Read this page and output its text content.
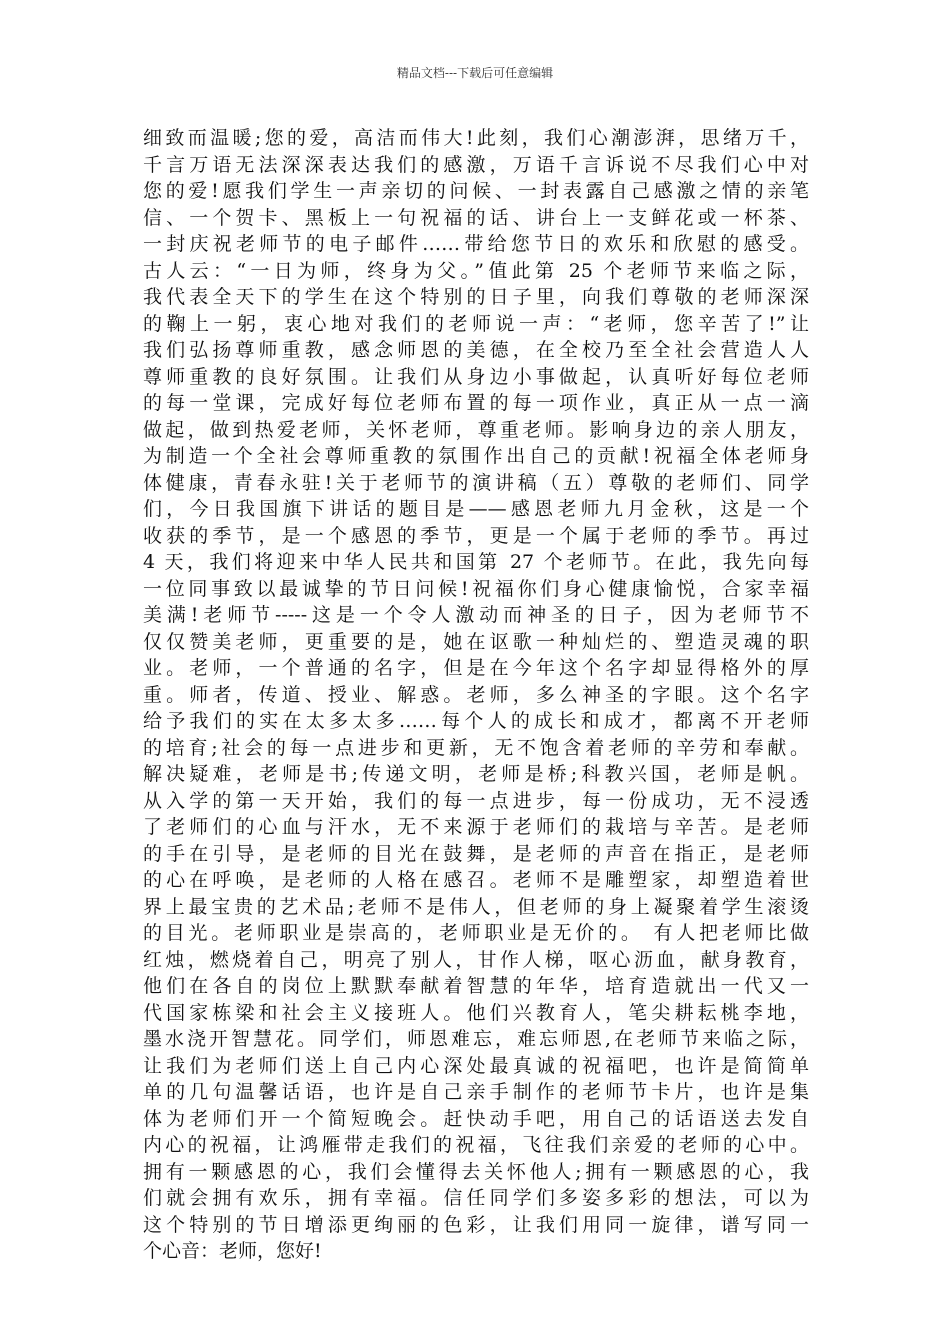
精品文档---下载后可任意编辑

细致而温暖;您的爱，高洁而伟大!此刻，我们心潮澎湃，思绪万千，
千言万语无法深深表达我们的感激，万语千言诉说不尽我们心中对
您的爱!愿我们学生一声亲切的问候、一封表露自己感激之情的亲笔
信、一个贺卡、黑板上一句祝福的话、讲台上一支鲜花或一杯茶、
一封庆祝老师节的电子邮件……带给您节日的欢乐和欣慰的感受。
古人云：“一日为师，终身为父。”值此第 25 个老师节来临之际，
我代表全天下的学生在这个特别的日子里，向我们尊敬的老师深深
的鞠上一躬，衷心地对我们的老师说一声：“老师，您辛苦了!”让
我们弘扬尊师重教，感念师恩的美德，在全校乃至全社会营造人人
尊师重教的良好氛围。让我们从身边小事做起，认真听好每位老师
的每一堂课，完成好每位老师布置的每一项作业，真正从一点一滴
做起，做到热爱老师，关怀老师，尊重老师。影响身边的亲人朋友，
为制造一个全社会尊师重教的氛围作出自己的贡献!祝福全体老师身
体健康，青春永驻!关于老师节的演讲稿（五）尊敬的老师们、同学
们，今日我国旗下讲话的题目是——感恩老师九月金秋，这是一个
收获的季节，是一个感恩的季节，更是一个属于老师的季节。再过
4 天，我们将迎来中华人民共和国第 27 个老师节。在此，我先向每
一位同事致以最诚挚的节日问候!祝福你们身心健康愉悦，合家幸福
美满!老师节-----这是一个令人激动而神圣的日子，因为老师节不
仅仅赞美老师，更重要的是，她在讴歌一种灿烂的、塑造灵魂的职
业。老师，一个普通的名字，但是在今年这个名字却显得格外的厚
重。师者，传道、授业、解惑。老师，多么神圣的字眼。这个名字
给予我们的实在太多太多……每个人的成长和成才，都离不开老师
的培育;社会的每一点进步和更新，无不饱含着老师的辛劳和奉献。
解决疑难，老师是书;传递文明，老师是桥;科教兴国，老师是帆。
从入学的第一天开始，我们的每一点进步，每一份成功，无不浸透
了老师们的心血与汗水，无不来源于老师们的栽培与辛苦。是老师
的手在引导，是老师的目光在鼓舞，是老师的声音在指正，是老师
的心在呼唤，是老师的人格在感召。老师不是雕塑家，却塑造着世
界上最宝贵的艺术品;老师不是伟人，但老师的身上凝聚着学生滚烫
的目光。老师职业是崇高的，老师职业是无价的。 有人把老师比做
红烛，燃烧着自己，明亮了别人，甘作人梯，呕心沥血，献身教育，
他们在各自的岗位上默默奉献着智慧的年华，培育造就出一代又一
代国家栋梁和社会主义接班人。他们兴教育人，笔尖耕耘桃李地，
墨水浇开智慧花。同学们，师恩难忘，难忘师恩,在老师节来临之际，
让我们为老师们送上自己内心深处最真诚的祝福吧，也许是简简单
单的几句温馨话语，也许是自己亲手制作的老师节卡片，也许是集
体为老师们开一个简短晚会。赶快动手吧，用自己的话语送去发自
内心的祝福，让鸿雁带走我们的祝福，飞往我们亲爱的老师的心中。
拥有一颗感恩的心，我们会懂得去关怀他人;拥有一颗感恩的心，我
们就会拥有欢乐，拥有幸福。信任同学们多姿多彩的想法，可以为
这个特别的节日增添更绚丽的色彩，让我们用同一旋律，谱写同一
个心音：老师，您好!
